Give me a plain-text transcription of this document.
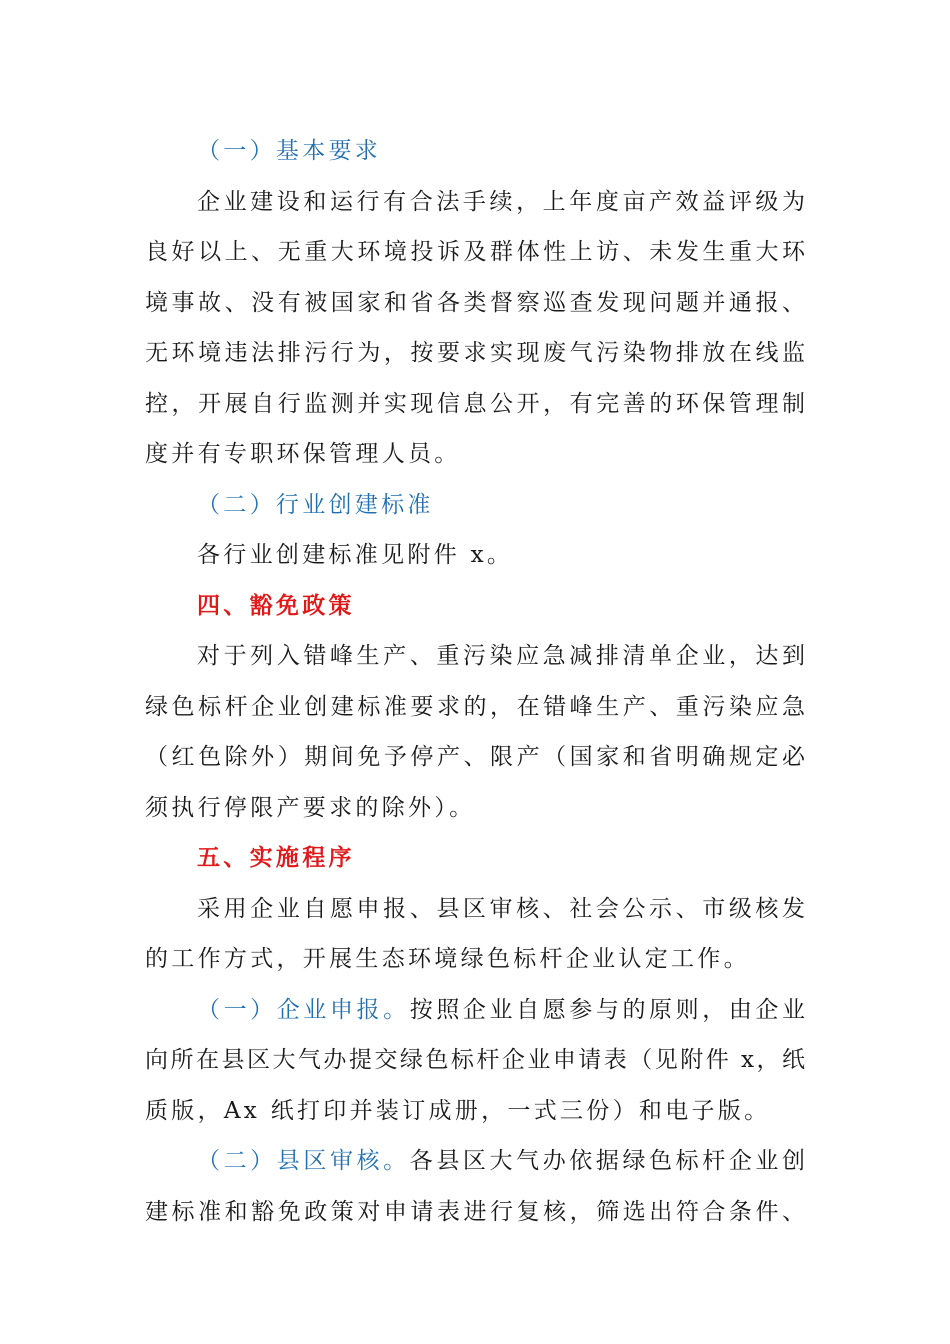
（一）基本要求
企业建设和运行有合法手续，上年度亩产效益评级为
良好以上、无重大环境投诉及群体性上访、未发生重大环
境事故、没有被国家和省各类督察巡查发现问题并通报、
无环境违法排污行为，按要求实现废气污染物排放在线监
控，开展自行监测并实现信息公开，有完善的环保管理制
度并有专职环保管理人员。
（二）行业创建标准
各行业创建标准见附件 x。
四、豁免政策
对于列入错峰生产、重污染应急减排清单企业，达到
绿色标杆企业创建标准要求的，在错峰生产、重污染应急
（红色除外）期间免予停产、限产（国家和省明确规定必
须执行停限产要求的除外）。
五、实施程序
采用企业自愿申报、县区审核、社会公示、市级核发
的工作方式，开展生态环境绿色标杆企业认定工作。
（一）企业申报。按照企业自愿参与的原则，由企业
向所在县区大气办提交绿色标杆企业申请表（见附件 x，纸
质版，Ax 纸打印并装订成册，一式三份）和电子版。
（二）县区审核。各县区大气办依据绿色标杆企业创
建标准和豁免政策对申请表进行复核，筛选出符合条件、
